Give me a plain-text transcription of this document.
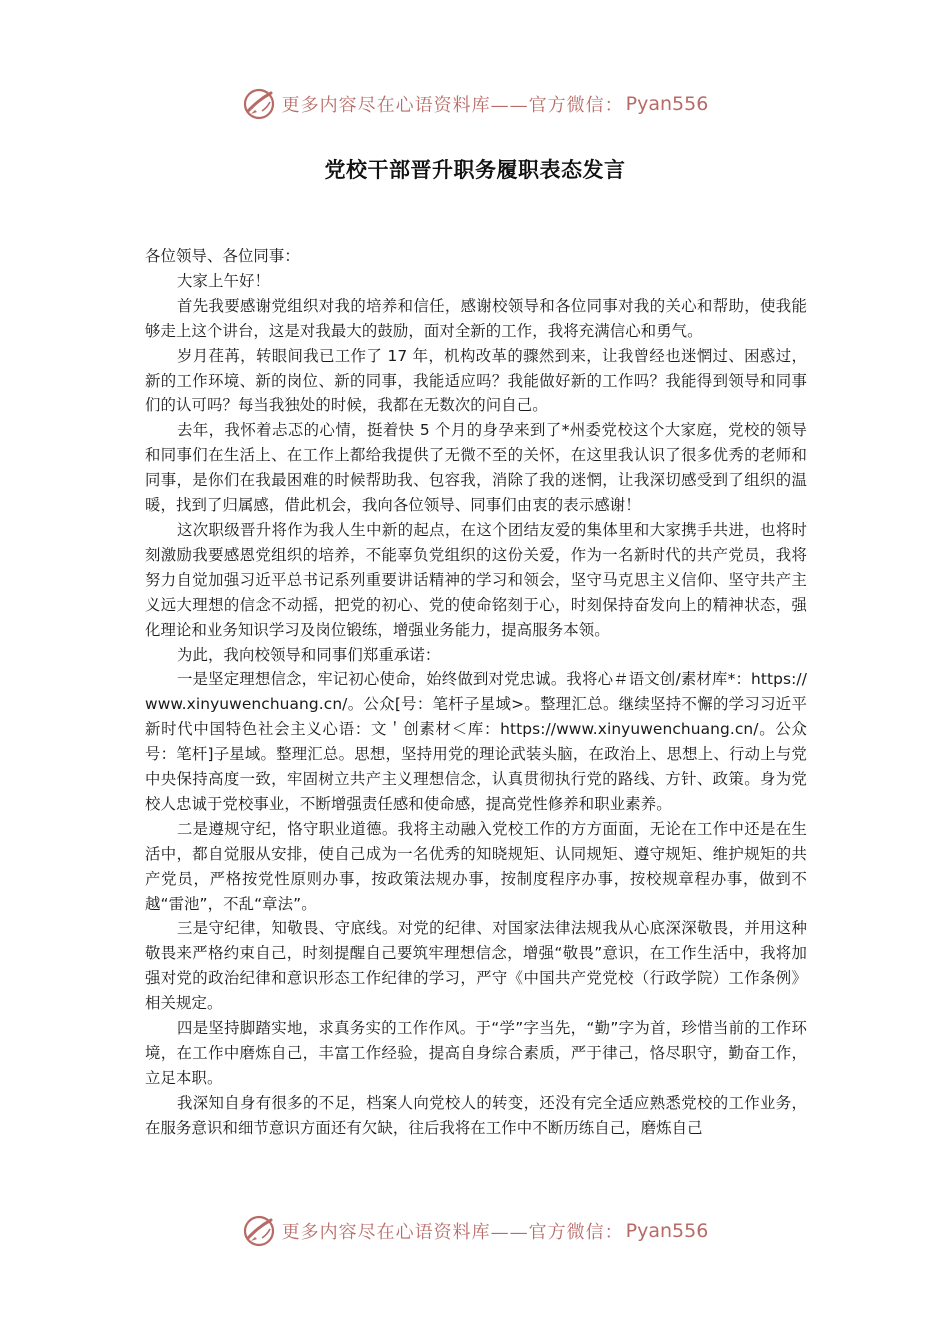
更多内容尽在心语资料库——官方微信： Pyan556
党校干部晋升职务履职表态发言

各位领导、各位同事：

大家上午好！

首先我要感谢党组织对我的培养和信任，感谢校领导和各位同事对我的关心和帮助，使我能够走上这个讲台，这是对我最大的鼓励，面对全新的工作，我将充满信心和勇气。

岁月荏苒，转眼间我已工作了 17 年，机构改革的骤然到来，让我曾经也迷惘过、困惑过，新的工作环境、新的岗位、新的同事，我能适应吗？我能做好新的工作吗？我能得到领导和同事们的认可吗？每当我独处的时候，我都在无数次的问自己。

去年，我怀着忐忑的心情，挺着快 5 个月的身孕来到了*州委党校这个大家庭，党校的领导和同事们在生活上、在工作上都给我提供了无微不至的关怀，在这里我认识了很多优秀的老师和同事，是你们在我最困难的时候帮助我、包容我，消除了我的迷惘，让我深切感受到了组织的温暖，找到了归属感，借此机会，我向各位领导、同事们由衷的表示感谢！

这次职级晋升将作为我人生中新的起点，在这个团结友爱的集体里和大家携手共进，也将时刻激励我要感恩党组织的培养，不能辜负党组织的这份关爱，作为一名新时代的共产党员，我将努力自觉加强习近平总书记系列重要讲话精神的学习和领会，坚守马克思主义信仰、坚守共产主义远大理想的信念不动摇，把党的初心、党的使命铭刻于心，时刻保持奋发向上的精神状态，强化理论和业务知识学习及岗位锻练，增强业务能力，提高服务本领。

为此，我向校领导和同事们郑重承诺：

一是坚定理想信念，牢记初心使命，始终做到对党忠诚。我将心＃语文创/素材库*：https://www.xinyuwenchuang.cn/。公众[号：笔杆子星域>。整理汇总。继续坚持不懈的学习习近平新时代中国特色社会主义心语：文＇创素材＜库：https://www.xinyuwenchuang.cn/。公众号：笔杆]子星域。整理汇总。思想，坚持用党的理论武装头脑，在政治上、思想上、行动上与党中央保持高度一致，牢固树立共产主义理想信念，认真贯彻执行党的路线、方针、政策。身为党校人忠诚于党校事业，不断增强责任感和使命感，提高党性修养和职业素养。

二是遵规守纪，恪守职业道德。我将主动融入党校工作的方方面面，无论在工作中还是在生活中，都自觉服从安排，使自己成为一名优秀的知晓规矩、认同规矩、遵守规矩、维护规矩的共产党员，严格按党性原则办事，按政策法规办事，按制度程序办事，按校规章程办事，做到不越“雷池”，不乱“章法”。

三是守纪律，知敬畏、守底线。对党的纪律、对国家法律法规我从心底深深敬畏，并用这种敬畏来严格约束自己，时刻提醒自己要筑牢理想信念，增强“敬畏”意识，在工作生活中，我将加强对党的政治纪律和意识形态工作纪律的学习，严守《中国共产党党校（行政学院）工作条例》相关规定。

四是坚持脚踏实地，求真务实的工作作风。于“学”字当先，“勤”字为首，珍惜当前的工作环境，在工作中磨炼自己，丰富工作经验，提高自身综合素质，严于律己，恪尽职守，勤奋工作，立足本职。

我深知自身有很多的不足，档案人向党校人的转变，还没有完全适应熟悉党校的工作业务，在服务意识和细节意识方面还有欠缺，往后我将在工作中不断历练自己，磨炼自己

更多内容尽在心语资料库——官方微信： Pyan556
